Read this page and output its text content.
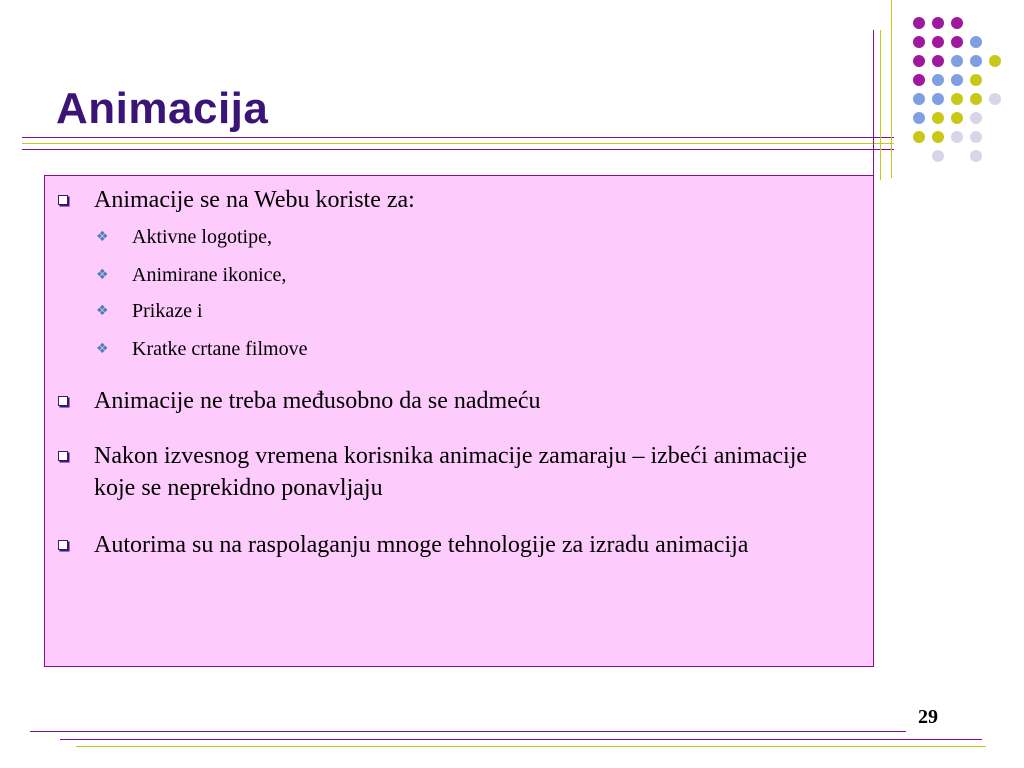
Animacija
Animacije se na Webu koriste za:
❖ Aktivne logotipe,
❖ Animirane ikonice,
❖ Prikaze i
❖ Kratke crtane filmove
Animacije ne treba međusobno da se nadmeću
Nakon izvesnog vremena korisnika animacije zamaraju – izbeći animacije koje se neprekidno ponavljaju
Autorima su na raspolaganju mnoge tehnologije za izradu animacija
29
